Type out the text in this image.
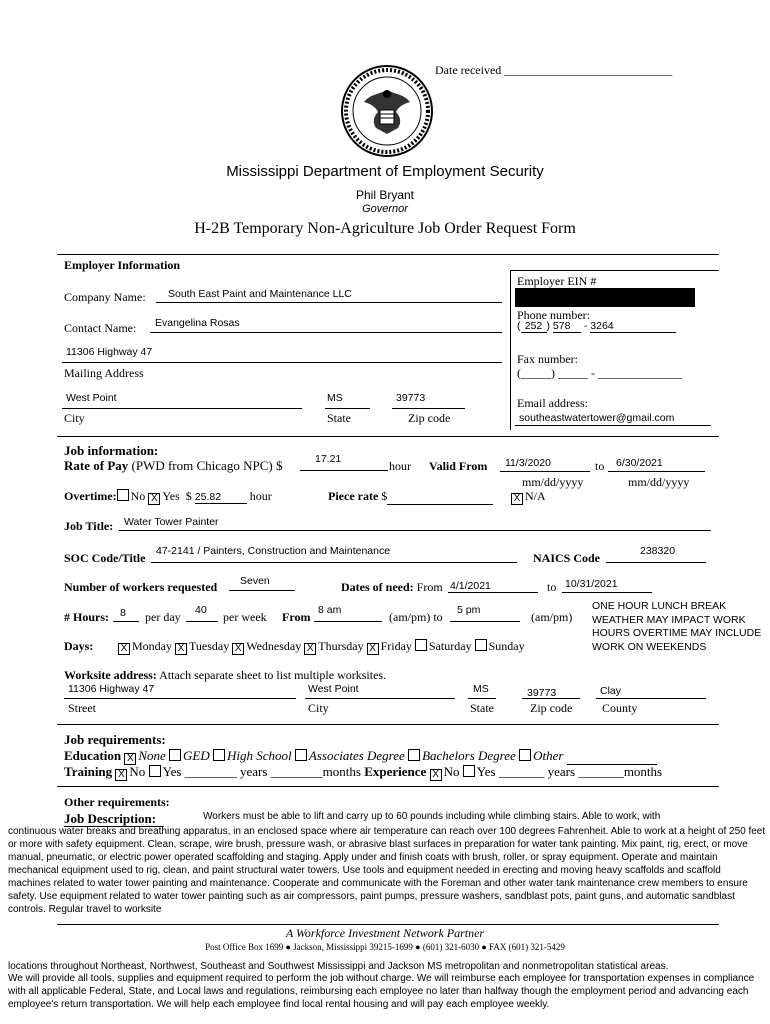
Date received ____________________________
Mississippi Department of Employment Security
Phil Bryant
Governor
H-2B Temporary Non-Agriculture Job Order Request Form
Employer Information
Company Name: South East Paint and Maintenance LLC
Contact Name: Evangelina Rosas
11306 Highway 47
Mailing Address
West Point
City
MS
State
39773
Zip code
Employer EIN #
Phone number:
( 252 ) 578 - 3264
Fax number:
(_____) _____ - ______________
Email address:
southeastwatertower@gmail.com
Job information:
Rate of Pay (PWD from Chicago NPC) $	17.21	hour Valid From 11/3/2020	to 6/30/2021
mm/dd/yyyy	mm/dd/yyyy
Overtime: No X Yes  $ 25.82 hour	Piece rate $	X N/A
Job Title: Water Tower Painter
SOC Code/Title 47-2141 / Painters, Construction and Maintenance	NAICS Code	238320
Number of workers requested Seven	Dates of need: From 4/1/2021	to 10/31/2021
# Hours: 8 per day 40 per week From 8 am	(am/pm) to 5 pm	(am/pm)
ONE HOUR LUNCH BREAK WEATHER MAY IMPACT WORK HOURS OVERTIME MAY INCLUDE WORK ON WEEKENDS
Days:	X Monday X Tuesday X Wednesday X Thursday X Friday Saturday Sunday
Worksite address: Attach separate sheet to list multiple worksites.
11306 Highway 47	West Point	MS	39773	Clay
Street	City	State	Zip code County
Job requirements:
Education X None GED High School Associates Degree Bachelors Degree Other
Training X No Yes ________ years ________months Experience X No Yes _______ years _______months
Other requirements:
Job Description:	Workers must be able to lift and carry up to 60 pounds including while climbing stairs. Able to work, with
continuous water breaks and breathing apparatus, in an enclosed space where air temperature can reach over 100 degrees Fahrenheit. Able to work at a height of 250 feet or more with safety equipment. Clean, scrape, wire brush, pressure wash, or abrasive blast surfaces in preparation for water tank painting. Mix paint, rig, erect, or move manual, pneumatic, or electric power operated scaffolding and staging. Apply under and finish coats with brush, roller, or spray equipment. Operate and maintain mechanical equipment used to rig, clean, and paint structural water towers. Use tools and equipment needed in erecting and moving heavy scaffolds and scaffold machines related to water tower painting and maintenance. Cooperate and communicate with the Foreman and other water tank maintenance crew members to ensure safety. Use equipment related to water tower painting such as air compressors, paint pumps, pressure washers, sandblast pots, paint guns, and automatic sandblast controls. Regular travel to worksite
A Workforce Investment Network Partner
Post Office Box 1699 ● Jackson, Mississippi 39215-1699 ● (601) 321-6030 ● FAX (601) 321-5429
locations throughout Northeast, Northwest, Southeast and Southwest Mississippi and Jackson MS metropolitan and nonmetropolitan statistical areas.
We will provide all tools, supplies and equipment required to perform the job without charge. We will reimburse each employee for transportation expenses in compliance with all applicable Federal, State, and Local laws and regulations, reimbursing each employee no later than halfway though the employment period and advancing each employee's return transportation. We will help each employee find local rental housing and will pay each employee weekly.
